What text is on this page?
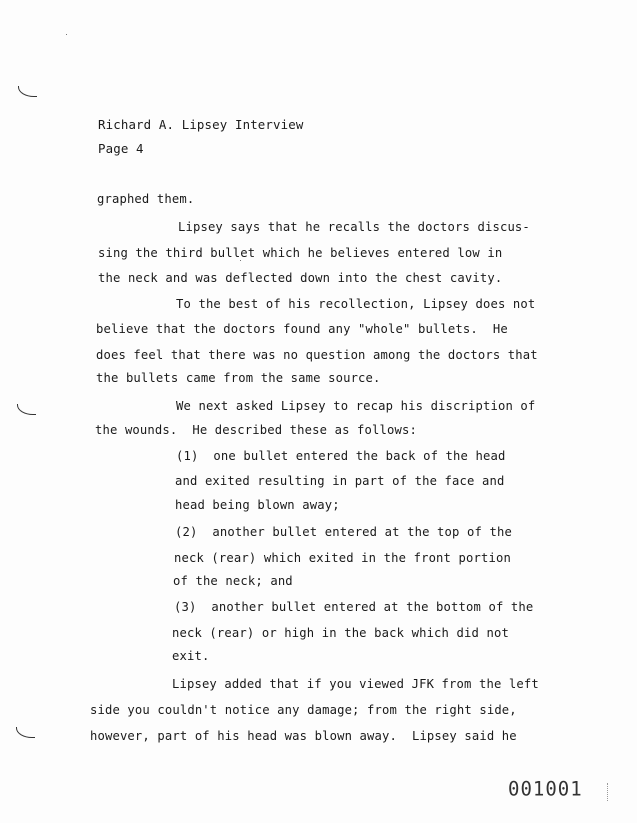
Richard A. Lipsey Interview
Page 4
graphed them.
Lipsey says that he recalls the doctors discus-
sing the third bullet which he believes entered low in
the neck and was deflected down into the chest cavity.
To the best of his recollection, Lipsey does not
believe that the doctors found any "whole" bullets.  He
does feel that there was no question among the doctors that
the bullets came from the same source.
We next asked Lipsey to recap his discription of
the wounds.  He described these as follows:
(1)  one bullet entered the back of the head
and exited resulting in part of the face and
head being blown away;
(2)  another bullet entered at the top of the
neck (rear) which exited in the front portion
of the neck; and
(3)  another bullet entered at the bottom of the
neck (rear) or high in the back which did not
exit.
Lipsey added that if you viewed JFK from the left
side you couldn't notice any damage; from the right side,
however, part of his head was blown away.  Lipsey said he
001001
